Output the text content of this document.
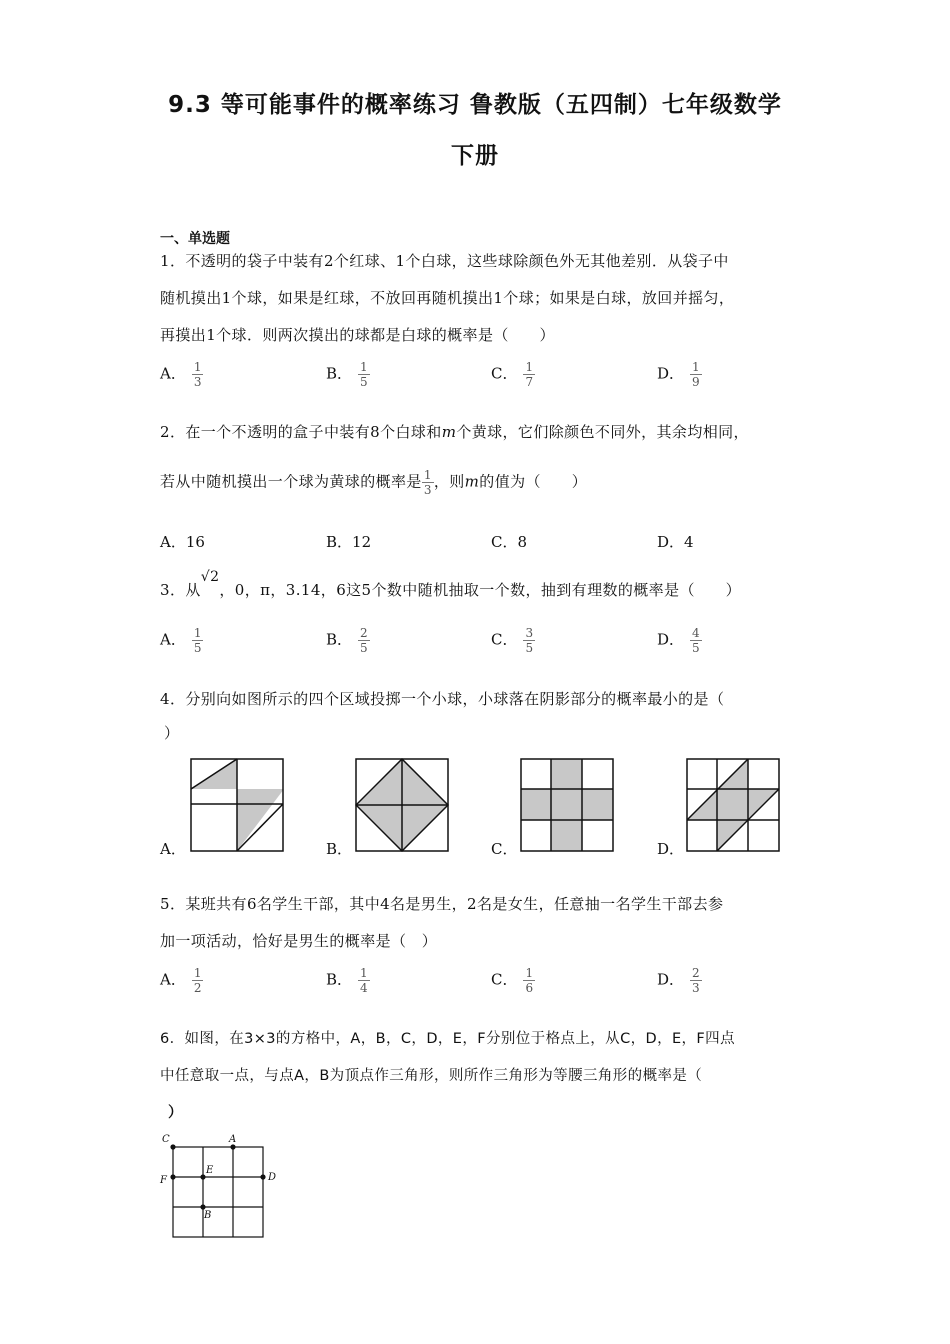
9.3 等可能事件的概率练习 鲁教版（五四制）七年级数学
下册
一、单选题
1．不透明的袋子中装有2个红球、1个白球，这些球除颜色外无其他差别．从袋子中
随机摸出1个球，如果是红球，不放回再随机摸出1个球；如果是白球，放回并摇匀，
再摸出1个球．则两次摸出的球都是白球的概率是（　　）
A． $\frac{1}{3}$	B． $\frac{1}{5}$	C． $\frac{1}{7}$	D． $\frac{1}{9}$
2．在一个不透明的盒子中装有8个白球和m个黄球，它们除颜色不同外，其余均相同，
若从中随机摸出一个球为黄球的概率是 $\frac{1}{3}$ ，则m的值为（　　）
A．16	B．12	C．8	D．4
3．从√2，0，π，3.14，6这5个数中随机抽取一个数，抽到有理数的概率是（　　）
A． $\frac{1}{5}$	B． $\frac{2}{5}$	C． $\frac{3}{5}$	D． $\frac{4}{5}$
4．分别向如图所示的四个区域投掷一个小球，小球落在阴影部分的概率最小的是（
）
A．	B．	C．	D．
5．某班共有6名学生干部，其中4名是男生，2名是女生，任意抽一名学生干部去参
加一项活动，恰好是男生的概率是（　）
A． $\frac{1}{2}$	B． $\frac{1}{4}$	C． $\frac{1}{6}$	D． $\frac{2}{3}$
6．如图，在3×3的方格中，A，B，C，D，E，F分别位于格点上，从C，D，E，F四点
中任意取一点，与点A，B为顶点作三角形，则所作三角形为等腰三角形的概率是（
）
C	A
F
E
D
B
